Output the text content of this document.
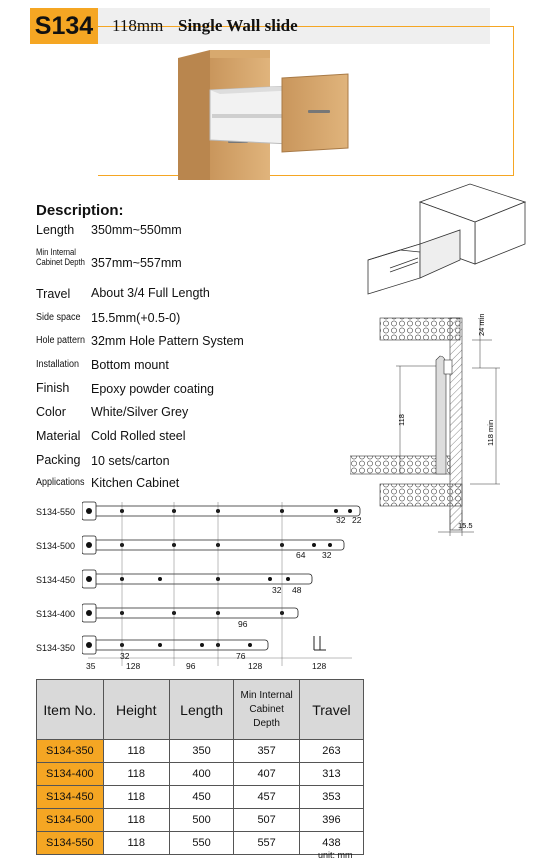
S134 118mm Single Wall slide
Description:
Length 350mm~550mm
Min Internal Cabinet Depth 357mm~557mm
Travel About 3/4 Full Length
Side space 15.5mm(+0.5-0)
Hole pattern 32mm Hole Pattern System
Installation Bottom mount
Finish Epoxy powder coating
Color White/Silver Grey
Material Cold Rolled steel
Packing 10 sets/carton
Applications Kitchen Cabinet
24 min
118	118 min
15.5
S134-550
S134-500
S134-450
S134-400
S134-350
32 22
64 32
32 48
96
32	76
35	128	96	128	128
Item No.	Height	Length	Min Internal Cabinet Depth	Travel
S134-350	118	350	357	263
S134-400	118	400	407	313
S134-450	118	450	457	353
S134-500	118	500	507	396
S134-550	118	550	557	438
unit: mm
